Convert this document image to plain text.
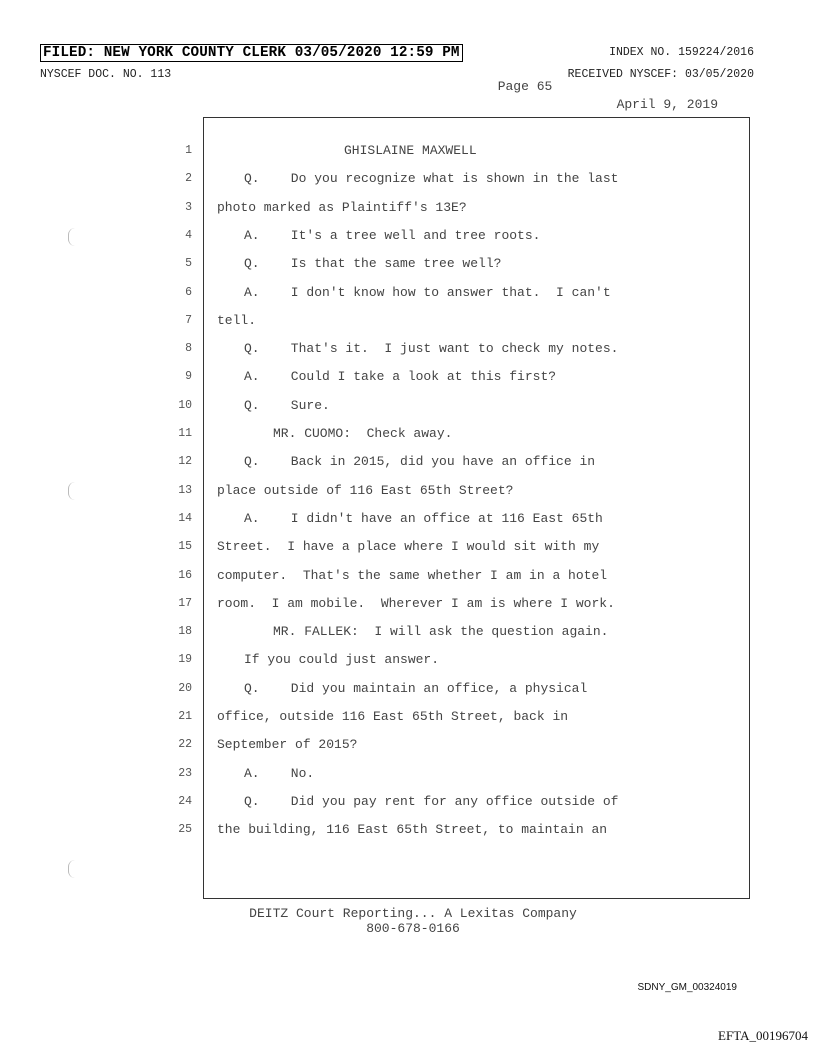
FILED: NEW YORK COUNTY CLERK 03/05/2020 12:59 PM	INDEX NO. 159224/2016
NYSCEF DOC. NO. 113	RECEIVED NYSCEF: 03/05/2020
Page 65
April 9, 2019
1	GHISLAINE MAXWELL
2	Q.    Do you recognize what is shown in the last
3 photo marked as Plaintiff's 13E?
4	A.    It's a tree well and tree roots.
5	Q.    Is that the same tree well?
6	A.    I don't know how to answer that.  I can't
7 tell.
8	Q.    That's it.  I just want to check my notes.
9	A.    Could I take a look at this first?
10	Q.    Sure.
11	MR. CUOMO:  Check away.
12	Q.    Back in 2015, did you have an office in
13 place outside of 116 East 65th Street?
14	A.    I didn't have an office at 116 East 65th
15 Street.  I have a place where I would sit with my
16 computer.  That's the same whether I am in a hotel
17 room.  I am mobile.  Wherever I am is where I work.
18	MR. FALLEK:  I will ask the question again.
19	If you could just answer.
20	Q.    Did you maintain an office, a physical
21 office, outside 116 East 65th Street, back in
22 September of 2015?
23	A.    No.
24	Q.    Did you pay rent for any office outside of
25 the building, 116 East 65th Street, to maintain an
DEITZ Court Reporting... A Lexitas Company
800-678-0166
SDNY_GM_00324019
EFTA_00196704
